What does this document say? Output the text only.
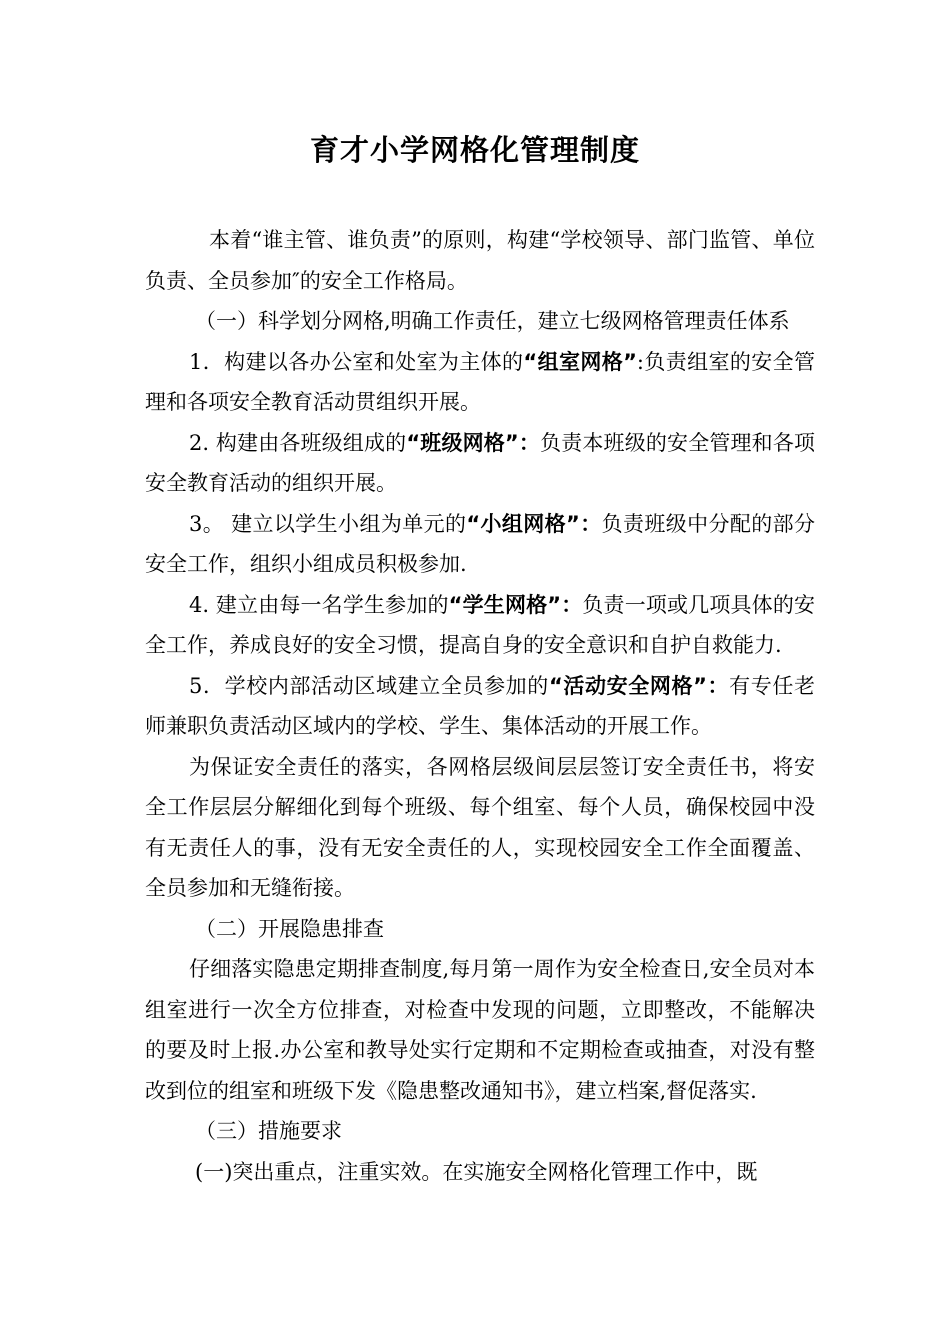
育才小学网格化管理制度

本着“谁主管、谁负责”的原则，构建“学校领导、部门监管、单位负责、全员参加″的安全工作格局。

（一）科学划分网格,明确工作责任，建立七级网格管理责任体系

1．构建以各办公室和处室为主体的“组室网格”:负责组室的安全管理和各项安全教育活动贯组织开展。

2. 构建由各班级组成的“班级网格”：负责本班级的安全管理和各项安全教育活动的组织开展。

3。 建立以学生小组为单元的“小组网格”：负责班级中分配的部分安全工作，组织小组成员积极参加.

4. 建立由每一名学生参加的“学生网格”：负责一项或几项具体的安全工作，养成良好的安全习惯，提高自身的安全意识和自护自救能力.

5．学校内部活动区域建立全员参加的“活动安全网格”：有专任老师兼职负责活动区域内的学校、学生、集体活动的开展工作。

为保证安全责任的落实，各网格层级间层层签订安全责任书，将安全工作层层分解细化到每个班级、每个组室、每个人员，确保校园中没有无责任人的事，没有无安全责任的人，实现校园安全工作全面覆盖、全员参加和无缝衔接。

（二）开展隐患排查

仔细落实隐患定期排查制度,每月第一周作为安全检查日,安全员对本组室进行一次全方位排查，对检查中发现的问题，立即整改，不能解决的要及时上报.办公室和教导处实行定期和不定期检查或抽查，对没有整改到位的组室和班级下发《隐患整改通知书》，建立档案,督促落实.

（三）措施要求

(一)突出重点，注重实效。在实施安全网格化管理工作中，既
